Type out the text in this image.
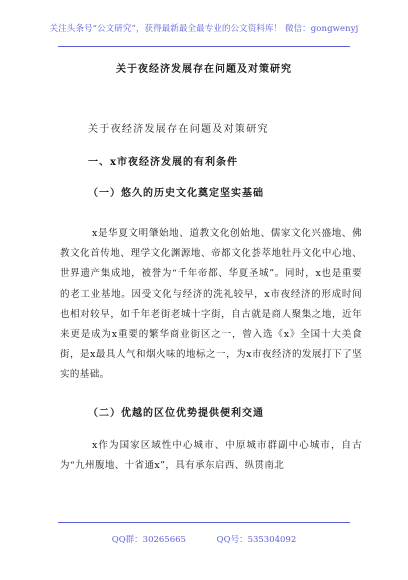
关注头条号“公文研究”，获得最新最全最专业的公文资料库！ 微信：gongwenyj
关于夜经济发展存在问题及对策研究
关于夜经济发展存在问题及对策研究
一、x市夜经济发展的有利条件
（一）悠久的历史文化奠定坚实基础
x是华夏文明肇始地、道教文化创始地、儒家文化兴盛地、佛教文化首传地、理学文化渊源地、帝都文化荟萃地牡丹文化中心地、世界遗产集成地，被誉为“千年帝都、华夏圣城”。同时，x也是重要的老工业基地。因受文化与经济的洗礼较早，x市夜经济的形成时间也相对较早，如千年老街老城十字街，自古就是商人聚集之地，近年来更是成为x重要的繁华商业街区之一，曾入选《x》全国十大美食街，是x最具人气和烟火味的地标之一，为x市夜经济的发展打下了坚实的基础。
（二）优越的区位优势提供便利交通
x作为国家区域性中心城市、中原城市群副中心城市，自古为“九州腹地、十省通x”，具有承东启西、纵贯南北
QQ群：30265665	QQ号：535304092
